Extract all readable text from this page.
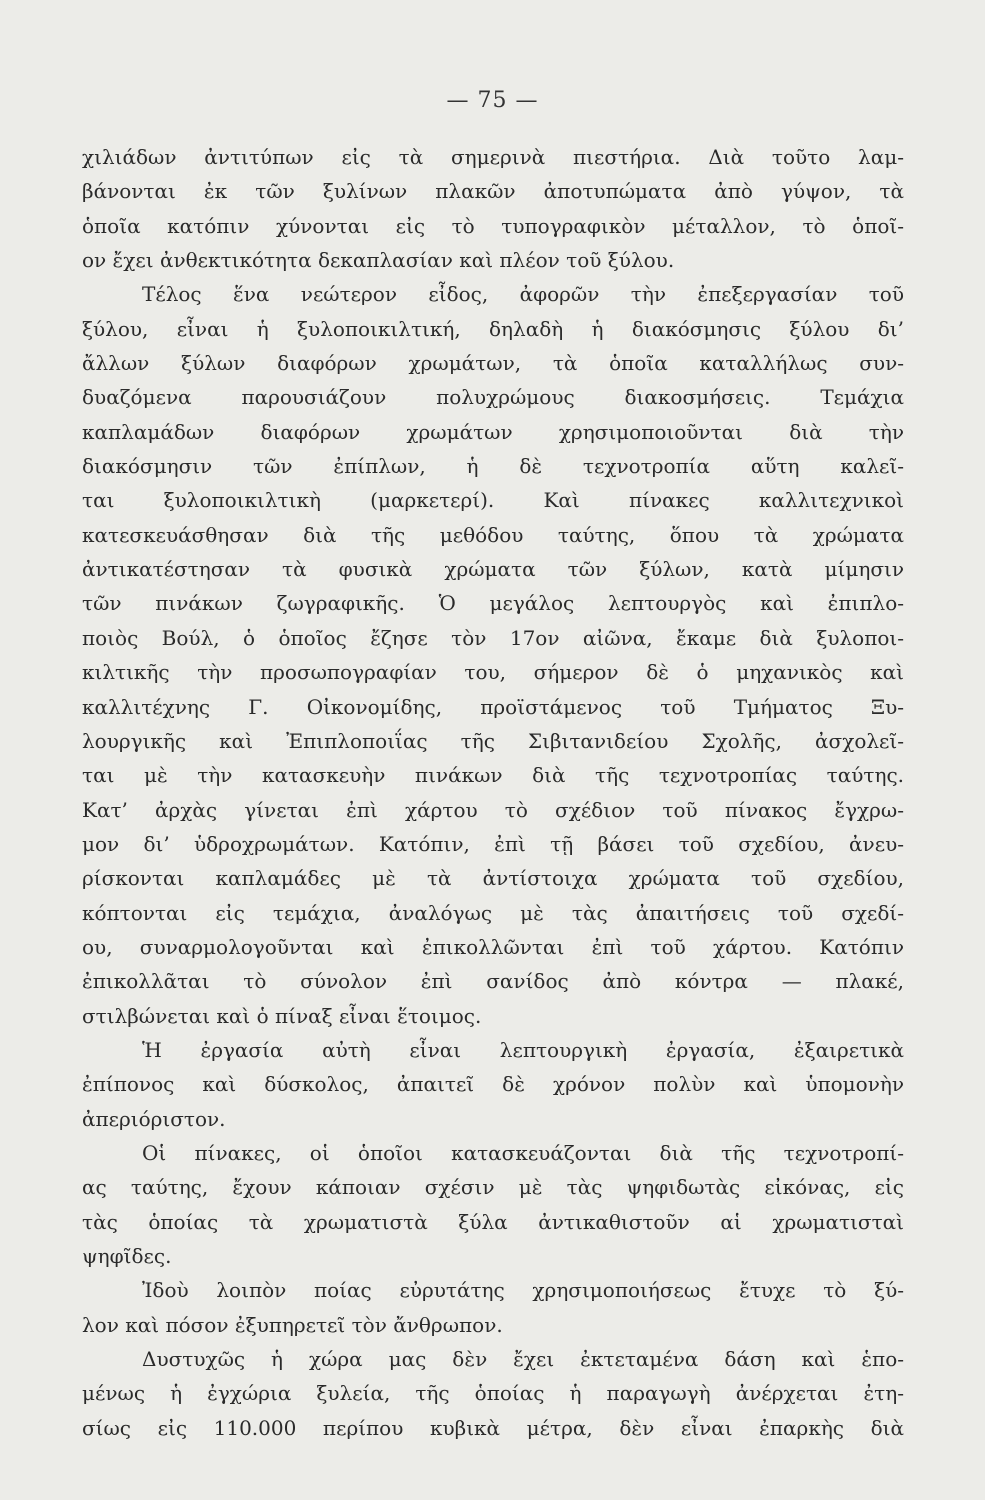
— 75 —
χιλιάδων ἀντιτύπων εἰς τὰ σημερινὰ πιεστήρια. Διὰ τοῦτο λαμ-
βάνονται ἐκ τῶν ξυλίνων πλακῶν ἀποτυπώματα ἀπὸ γύψον, τὰ
ὁποῖα κατόπιν χύνονται εἰς τὸ τυπογραφικὸν μέταλλον, τὸ ὁποῖ-
ον ἔχει ἀνθεκτικότητα δεκαπλασίαν καὶ πλέον τοῦ ξύλου.
Τέλος ἕνα νεώτερον εἶδος, ἀφορῶν τὴν ἐπεξεργασίαν τοῦ
ξύλου, εἶναι ἡ ξυλοποικιλτική, δηλαδὴ ἡ διακόσμησις ξύλου δι’
ἄλλων ξύλων διαφόρων χρωμάτων, τὰ ὁποῖα καταλλήλως συν-
δυαζόμενα παρουσιάζουν πολυχρώμους διακοσμήσεις. Τεμάχια
καπλαμάδων διαφόρων χρωμάτων χρησιμοποιοῦνται διὰ τὴν
διακόσμησιν τῶν ἐπίπλων, ἡ δὲ τεχνοτροπία αὕτη καλεῖ-
ται ξυλοποικιλτικὴ (μαρκετερί). Καὶ πίνακες καλλιτεχνικοὶ
κατεσκευάσθησαν διὰ τῆς μεθόδου ταύτης, ὅπου τὰ χρώματα
ἀντικατέστησαν τὰ φυσικὰ χρώματα τῶν ξύλων, κατὰ μίμησιν
τῶν πινάκων ζωγραφικῆς. Ὁ μεγάλος λεπτουργὸς καὶ ἐπιπλο-
ποιὸς Βούλ, ὁ ὁποῖος ἔζησε τὸν 17ον αἰῶνα, ἔκαμε διὰ ξυλοποι-
κιλτικῆς τὴν προσωπογραφίαν του, σήμερον δὲ ὁ μηχανικὸς καὶ
καλλιτέχνης Γ. Οἰκονομίδης, προϊστάμενος τοῦ Τμήματος Ξυ-
λουργικῆς καὶ Ἐπιπλοποιΐας τῆς Σιβιτανιδείου Σχολῆς, ἀσχολεῖ-
ται μὲ τὴν κατασκευὴν πινάκων διὰ τῆς τεχνοτροπίας ταύτης.
Κατ’ ἀρχὰς γίνεται ἐπὶ χάρτου τὸ σχέδιον τοῦ πίνακος ἔγχρω-
μον δι’ ὑδροχρωμάτων. Κατόπιν, ἐπὶ τῇ βάσει τοῦ σχεδίου, ἀνευ-
ρίσκονται καπλαμάδες μὲ τὰ ἀντίστοιχα χρώματα τοῦ σχεδίου,
κόπτονται εἰς τεμάχια, ἀναλόγως μὲ τὰς ἀπαιτήσεις τοῦ σχεδί-
ου, συναρμολογοῦνται καὶ ἐπικολλῶνται ἐπὶ τοῦ χάρτου. Κατόπιν
ἐπικολλᾶται τὸ σύνολον ἐπὶ σανίδος ἀπὸ κόντρα — πλακέ,
στιλβώνεται καὶ ὁ πίναξ εἶναι ἕτοιμος.
Ἡ ἐργασία αὐτὴ εἶναι λεπτουργικὴ ἐργασία, ἐξαιρετικὰ
ἐπίπονος καὶ δύσκολος, ἀπαιτεῖ δὲ χρόνον πολὺν καὶ ὑπομονὴν
ἀπεριόριστον.
Οἱ πίνακες, οἱ ὁποῖοι κατασκευάζονται διὰ τῆς τεχνοτροπί-
ας ταύτης, ἔχουν κάποιαν σχέσιν μὲ τὰς ψηφιδωτὰς εἰκόνας, εἰς
τὰς ὁποίας τὰ χρωματιστὰ ξύλα ἀντικαθιστοῦν αἱ χρωματισταὶ
ψηφῖδες.
Ἰδοὺ λοιπὸν ποίας εὐρυτάτης χρησιμοποιήσεως ἔτυχε τὸ ξύ-
λον καὶ πόσον ἐξυπηρετεῖ τὸν ἄνθρωπον.
Δυστυχῶς ἡ χώρα μας δὲν ἔχει ἐκτεταμένα δάση καὶ ἑπο-
μένως ἡ ἐγχώρια ξυλεία, τῆς ὁποίας ἡ παραγωγὴ ἀνέρχεται ἐτη-
σίως εἰς 110.000 περίπου κυβικὰ μέτρα, δὲν εἶναι ἐπαρκὴς διὰ
